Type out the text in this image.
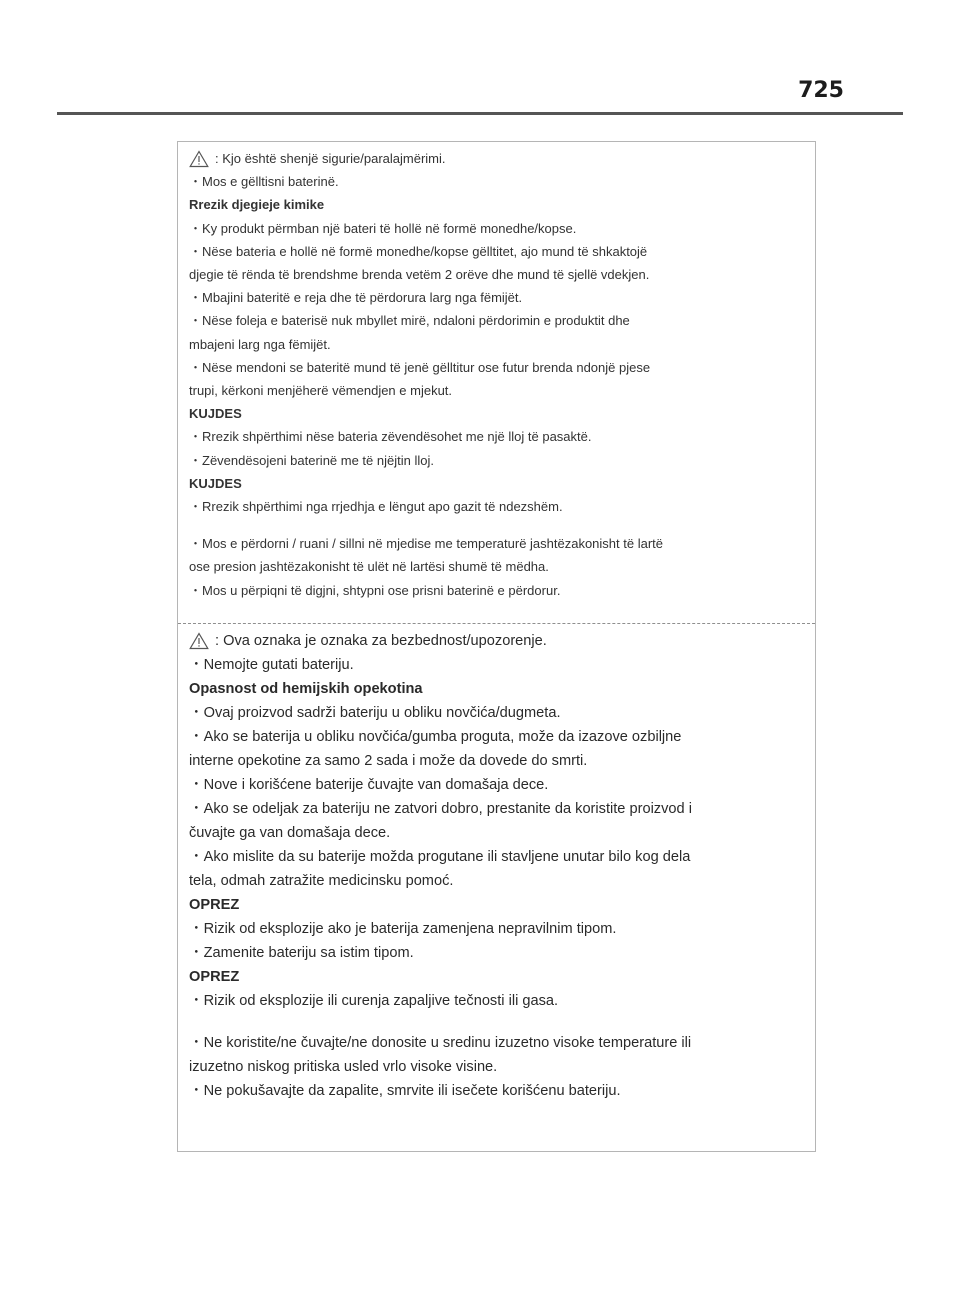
725
: Kjo është shenjë sigurie/paralajmërimi.
・Mos e gëlltisni baterinë.
Rrezik djegieje kimike
・Ky produkt përmban një bateri të hollë në formë monedhe/kopse.
・Nëse bateria e hollë në formë monedhe/kopse gëlltitet, ajo mund të shkaktojë
djegie të rënda të brendshme brenda vetëm 2 orëve dhe mund të sjellë vdekjen.
・Mbajini bateritë e reja dhe të përdorura larg nga fëmijët.
・Nëse foleja e baterisë nuk mbyllet mirë, ndaloni përdorimin e produktit dhe
mbajeni larg nga fëmijët.
・Nëse mendoni se bateritë mund të jenë gëlltitur ose futur brenda ndonjë pjese
trupi, kërkoni menjëherë vëmendjen e mjekut.
KUJDES
・Rrezik shpërthimi nëse bateria zëvendësohet me një lloj të pasaktë.
・Zëvendësojeni baterinë me të njëjtin lloj.
KUJDES
・Rrezik shpërthimi nga rrjedhja e lëngut apo gazit të ndezshëm.
・Mos e përdorni / ruani / sillni në mjedise me temperaturë jashtëzakonisht të lartë
ose presion jashtëzakonisht të ulët në lartësi shumë të mëdha.
・Mos u përpiqni të digjni, shtypni ose prisni baterinë e përdorur.
: Ova oznaka je oznaka za bezbednost/upozorenje.
・Nemojte gutati bateriju.
Opasnost od hemijskih opekotina
・Ovaj proizvod sadrži bateriju u obliku novčića/dugmeta.
・Ako se baterija u obliku novčića/gumba proguta, može da izazove ozbiljne
interne opekotine za samo 2 sada i može da dovede do smrti.
・Nove i korišćene baterije čuvajte van domašaja dece.
・Ako se odeljak za bateriju ne zatvori dobro, prestanite da koristite proizvod i
čuvajte ga van domašaja dece.
・Ako mislite da su baterije možda progutane ili stavljene unutar bilo kog dela
tela, odmah zatražite medicinsku pomoć.
OPREZ
・Rizik od eksplozije ako je baterija zamenjena nepravilnim tipom.
・Zamenite bateriju sa istim tipom.
OPREZ
・Rizik od eksplozije ili curenja zapaljive tečnosti ili gasa.
・Ne koristite/ne čuvajte/ne donosite u sredinu izuzetno visoke temperature ili
izuzetno niskog pritiska usled vrlo visoke visine.
・Ne pokušavajte da zapalite, smrvite ili isečete korišćenu bateriju.
